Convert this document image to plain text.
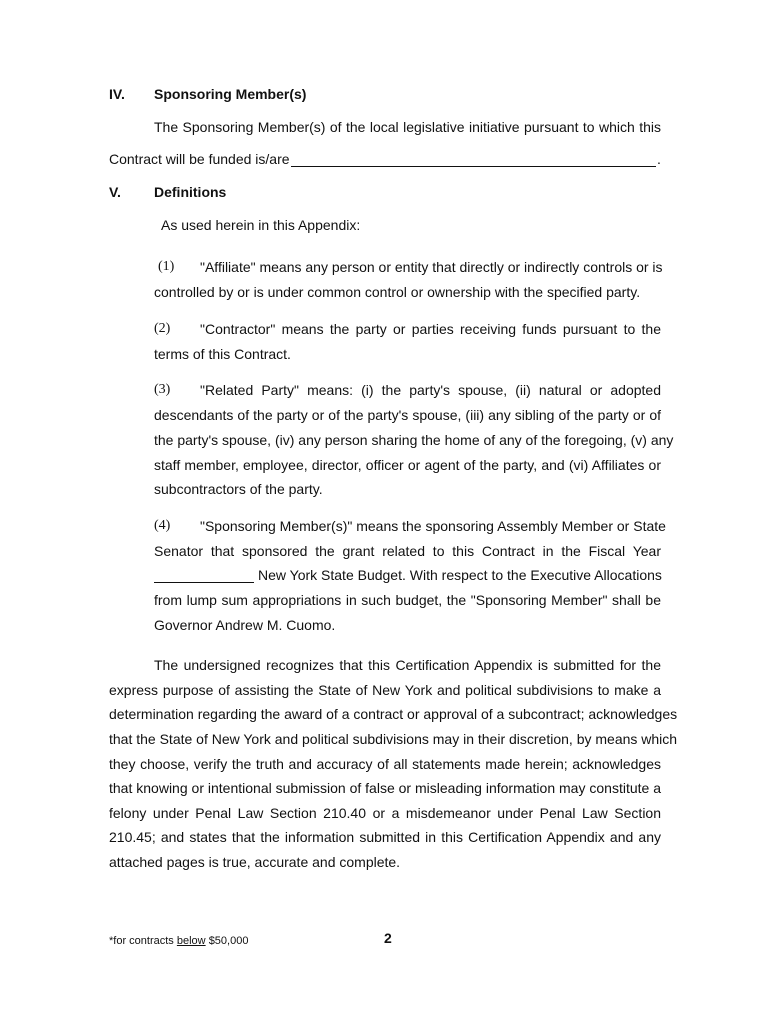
IV. Sponsoring Member(s)
The Sponsoring Member(s) of the local legislative initiative pursuant to which this
Contract will be funded is/are	.
V. Definitions
As used herein in this Appendix:
(1) "Affiliate" means any person or entity that directly or indirectly controls or is
controlled by or is under common control or ownership with the specified party.
(2) "Contractor" means the party or parties receiving funds pursuant to the
terms of this Contract.
(3) "Related Party" means: (i) the party's spouse, (ii) natural or adopted
descendants of the party or of the party's spouse, (iii) any sibling of the party or of
the party's spouse, (iv) any person sharing the home of any of the foregoing, (v) any
staff member, employee, director, officer or agent of the party, and (vi) Affiliates or
subcontractors of the party.
(4) "Sponsoring Member(s)" means the sponsoring Assembly Member or State
Senator that sponsored the grant related to this Contract in the Fiscal Year
New York State Budget. With respect to the Executive Allocations
from lump sum appropriations in such budget, the "Sponsoring Member" shall be
Governor Andrew M. Cuomo.
The undersigned recognizes that this Certification Appendix is submitted for the
express purpose of assisting the State of New York and political subdivisions to make a
determination regarding the award of a contract or approval of a subcontract; acknowledges
that the State of New York and political subdivisions may in their discretion, by means which
they choose, verify the truth and accuracy of all statements made herein; acknowledges
that knowing or intentional submission of false or misleading information may constitute a
felony under Penal Law Section 210.40 or a misdemeanor under Penal Law Section
210.45; and states that the information submitted in this Certification Appendix and any
attached pages is true, accurate and complete.
*for contracts below $50,000	2
